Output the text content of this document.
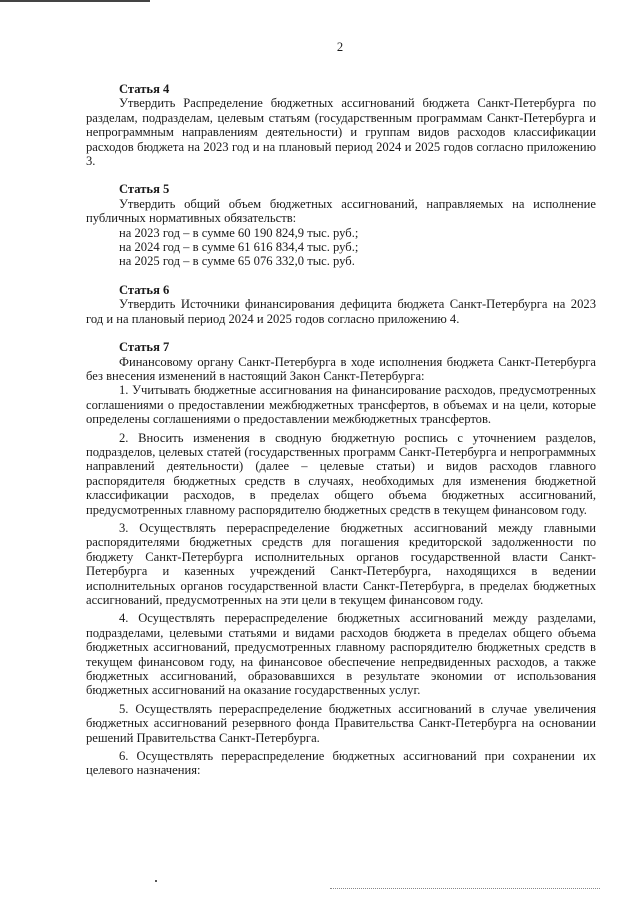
2

Статья 4

Утвердить Распределение бюджетных ассигнований бюджета Санкт-Петербурга по разделам, подразделам, целевым статьям (государственным программам Санкт-Петербурга и непрограммным направлениям деятельности) и группам видов расходов классификации расходов бюджета на 2023 год и на плановый период 2024 и 2025 годов согласно приложению 3.

Статья 5

Утвердить общий объем бюджетных ассигнований, направляемых на исполнение публичных нормативных обязательств:

на 2023 год – в сумме 60 190 824,9 тыс. руб.;

на 2024 год – в сумме 61 616 834,4 тыс. руб.;

на 2025 год – в сумме 65 076 332,0 тыс. руб.

Статья 6

Утвердить Источники финансирования дефицита бюджета Санкт-Петербурга на 2023 год и на плановый период 2024 и 2025 годов согласно приложению 4.

Статья 7

Финансовому органу Санкт-Петербурга в ходе исполнения бюджета Санкт-Петербурга без внесения изменений в настоящий Закон Санкт-Петербурга:

1. Учитывать бюджетные ассигнования на финансирование расходов, предусмотренных соглашениями о предоставлении межбюджетных трансфертов, в объемах и на цели, которые определены соглашениями о предоставлении межбюджетных трансфертов.

2. Вносить изменения в сводную бюджетную роспись с уточнением разделов, подразделов, целевых статей (государственных программ Санкт-Петербурга и непрограммных направлений деятельности) (далее – целевые статьи) и видов расходов главного распорядителя бюджетных средств в случаях, необходимых для изменения бюджетной классификации расходов, в пределах общего объема бюджетных ассигнований, предусмотренных главному распорядителю бюджетных средств в текущем финансовом году.

3. Осуществлять перераспределение бюджетных ассигнований между главными распорядителями бюджетных средств для погашения кредиторской задолженности по бюджету Санкт-Петербурга исполнительных органов государственной власти Санкт-Петербурга и казенных учреждений Санкт-Петербурга, находящихся в ведении исполнительных органов государственной власти Санкт-Петербурга, в пределах бюджетных ассигнований, предусмотренных на эти цели в текущем финансовом году.

4. Осуществлять перераспределение бюджетных ассигнований между разделами, подразделами, целевыми статьями и видами расходов бюджета в пределах общего объема бюджетных ассигнований, предусмотренных главному распорядителю бюджетных средств в текущем финансовом году, на финансовое обеспечение непредвиденных расходов, а также бюджетных ассигнований, образовавшихся в результате экономии от использования бюджетных ассигнований на оказание государственных услуг.

5. Осуществлять перераспределение бюджетных ассигнований в случае увеличения бюджетных ассигнований резервного фонда Правительства Санкт-Петербурга на основании решений Правительства Санкт-Петербурга.

6. Осуществлять перераспределение бюджетных ассигнований при сохранении их целевого назначения:
